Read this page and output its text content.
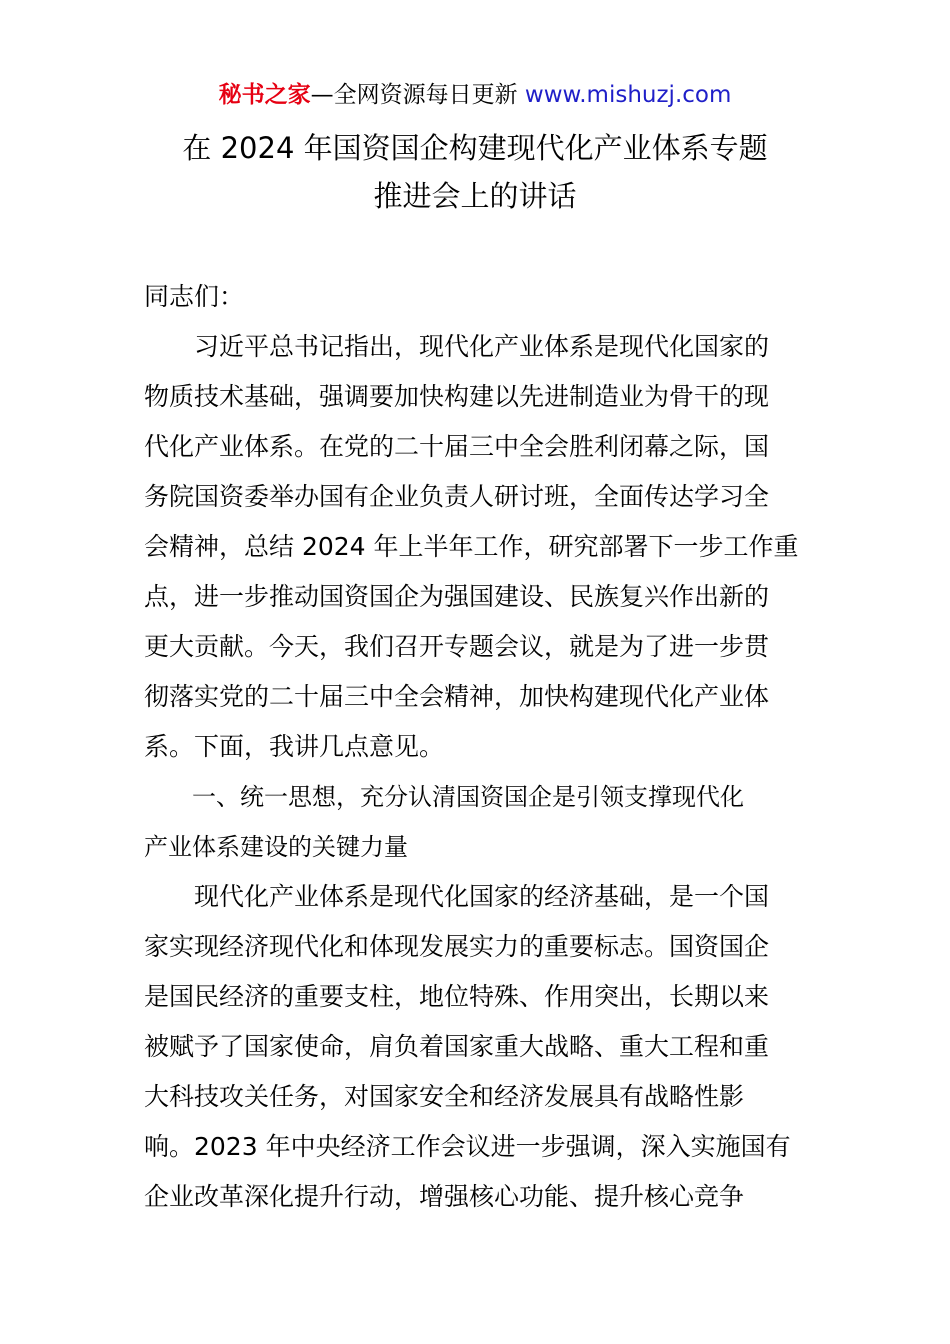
秘书之家—全网资源每日更新 www.mishuzj.com
在 2024 年国资国企构建现代化产业体系专题
推进会上的讲话
同志们：
　　习近平总书记指出，现代化产业体系是现代化国家的
物质技术基础，强调要加快构建以先进制造业为骨干的现
代化产业体系。在党的二十届三中全会胜利闭幕之际，国
务院国资委举办国有企业负责人研讨班，全面传达学习全
会精神，总结 2024 年上半年工作，研究部署下一步工作重
点，进一步推动国资国企为强国建设、民族复兴作出新的
更大贡献。今天，我们召开专题会议，就是为了进一步贯
彻落实党的二十届三中全会精神，加快构建现代化产业体
系。下面，我讲几点意见。
　　一、统一思想，充分认清国资国企是引领支撑现代化
产业体系建设的关键力量
　　现代化产业体系是现代化国家的经济基础，是一个国
家实现经济现代化和体现发展实力的重要标志。国资国企
是国民经济的重要支柱，地位特殊、作用突出，长期以来
被赋予了国家使命，肩负着国家重大战略、重大工程和重
大科技攻关任务，对国家安全和经济发展具有战略性影
响。2023 年中央经济工作会议进一步强调，深入实施国有
企业改革深化提升行动，增强核心功能、提升核心竞争
